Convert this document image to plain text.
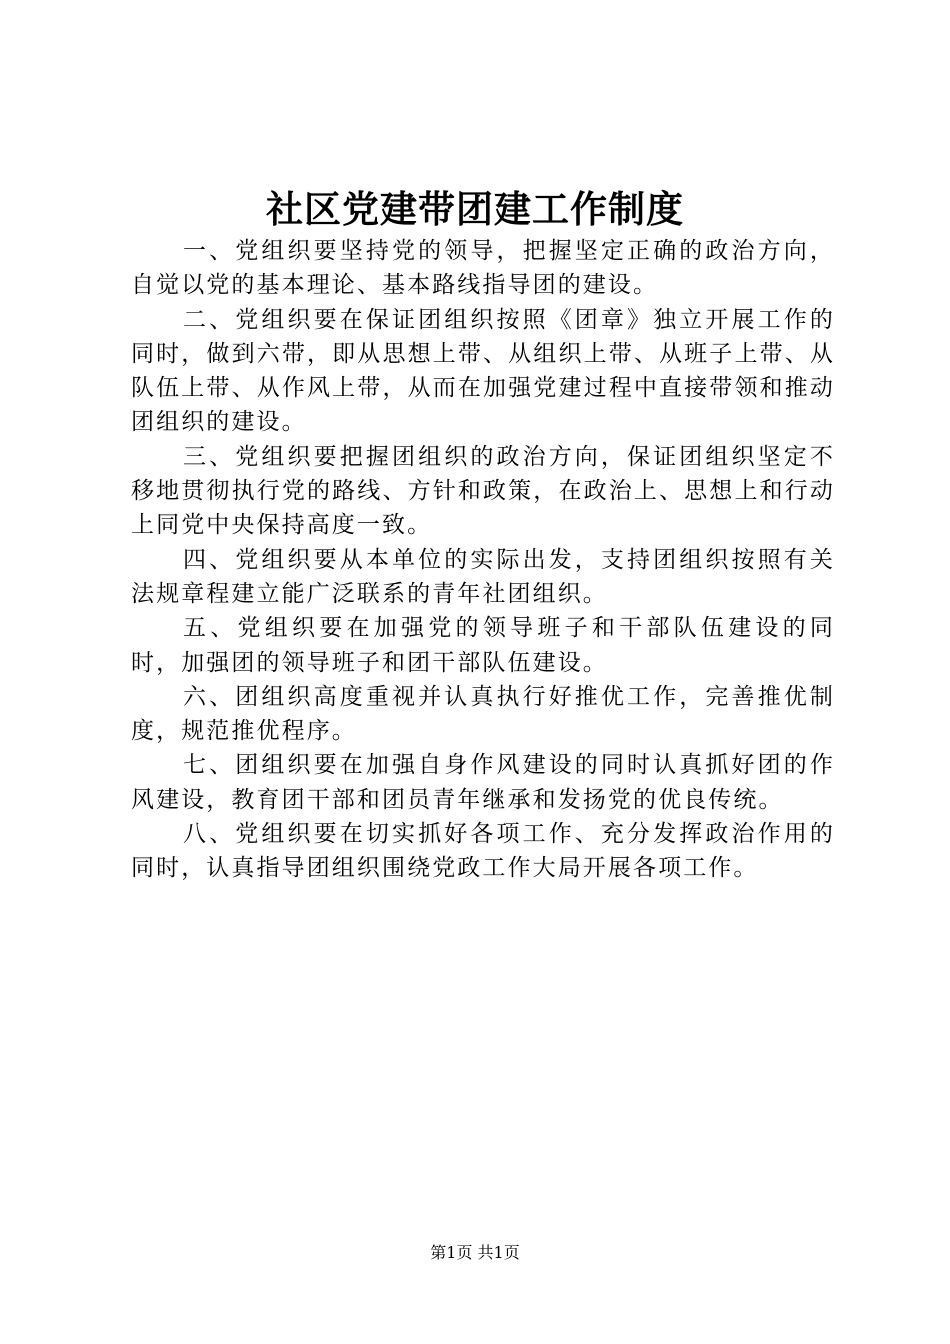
社区党建带团建工作制度

一、党组织要坚持党的领导，把握坚定正确的政治方向，自觉以党的基本理论、基本路线指导团的建设。

二、党组织要在保证团组织按照《团章》独立开展工作的同时，做到六带，即从思想上带、从组织上带、从班子上带、从队伍上带、从作风上带，从而在加强党建过程中直接带领和推动团组织的建设。

三、党组织要把握团组织的政治方向，保证团组织坚定不移地贯彻执行党的路线、方针和政策，在政治上、思想上和行动上同党中央保持高度一致。

四、党组织要从本单位的实际出发，支持团组织按照有关法规章程建立能广泛联系的青年社团组织。

五、党组织要在加强党的领导班子和干部队伍建设的同时，加强团的领导班子和团干部队伍建设。

六、团组织高度重视并认真执行好推优工作，完善推优制度，规范推优程序。

七、团组织要在加强自身作风建设的同时认真抓好团的作风建设，教育团干部和团员青年继承和发扬党的优良传统。

八、党组织要在切实抓好各项工作、充分发挥政治作用的同时，认真指导团组织围绕党政工作大局开展各项工作。

第1页 共1页
